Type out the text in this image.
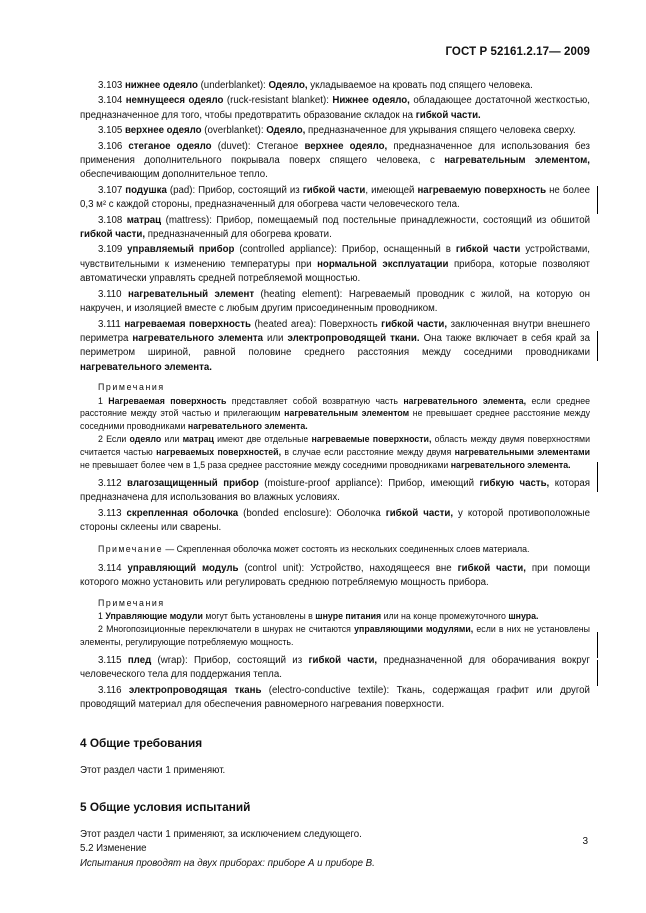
ГОСТ Р 52161.2.17— 2009

3.103 нижнее одеяло (underblanket): Одеяло, укладываемое на кровать под спящего человека.

3.104 немнущееся одеяло (ruck-resistant blanket): Нижнее одеяло, обладающее достаточной жесткостью, предназначенное для того, чтобы предотвратить образование складок на гибкой части.

3.105 верхнее одеяло (overblanket): Одеяло, предназначенное для укрывания спящего человека сверху.

3.106 стеганое одеяло (duvet): Стеганое верхнее одеяло, предназначенное для использования без применения дополнительного покрывала поверх спящего человека, с нагревательным элементом, обеспечивающим дополнительное тепло.

3.107 подушка (pad): Прибор, состоящий из гибкой части, имеющей нагреваемую поверхность не более 0,3 м² с каждой стороны, предназначенный для обогрева части человеческого тела.

3.108 матрац (mattress): Прибор, помещаемый под постельные принадлежности, состоящий из обшитой гибкой части, предназначенный для обогрева кровати.

3.109 управляемый прибор (controlled appliance): Прибор, оснащенный в гибкой части устройствами, чувствительными к изменению температуры при нормальной эксплуатации прибора, которые позволяют автоматически управлять средней потребляемой мощностью.

3.110 нагревательный элемент (heating element): Нагреваемый проводник с жилой, на которую он накручен, и изоляцией вместе с любым другим присоединенным проводником.

3.111 нагреваемая поверхность (heated area): Поверхность гибкой части, заключенная внутри внешнего периметра нагревательного элемента или электропроводящей ткани. Она также включает в себя край за периметром шириной, равной половине среднего расстояния между соседними проводниками нагревательного элемента.

Примечания

1 Нагреваемая поверхность представляет собой возвратную часть нагревательного элемента, если среднее расстояние между этой частью и прилегающим нагревательным элементом не превышает среднее расстояние между соседними проводниками нагревательного элемента.

2 Если одеяло или матрац имеют две отдельные нагреваемые поверхности, область между двумя поверхностями считается частью нагреваемых поверхностей, в случае если расстояние между двумя нагревательными элементами не превышает более чем в 1,5 раза среднее расстояние между соседними проводниками нагревательного элемента.

3.112 влагозащищенный прибор (moisture-proof appliance): Прибор, имеющий гибкую часть, которая предназначена для использования во влажных условиях.

3.113 скрепленная оболочка (bonded enclosure): Оболочка гибкой части, у которой противоположные стороны склеены или сварены.

Примечание — Скрепленная оболочка может состоять из нескольких соединенных слоев материала.

3.114 управляющий модуль (control unit): Устройство, находящееся вне гибкой части, при помощи которого можно установить или регулировать среднюю потребляемую мощность прибора.

Примечания

1 Управляющие модули могут быть установлены в шнуре питания или на конце промежуточного шнура.

2 Многопозиционные переключатели в шнурах не считаются управляющими модулями, если в них не установлены элементы, регулирующие потребляемую мощность.

3.115 плед (wrap): Прибор, состоящий из гибкой части, предназначенной для оборачивания вокруг человеческого тела для поддержания тепла.

3.116 электропроводящая ткань (electro-conductive textile): Ткань, содержащая графит или другой проводящий материал для обеспечения равномерного нагревания поверхности.

4 Общие требования

Этот раздел части 1 применяют.

5 Общие условия испытаний

Этот раздел части 1 применяют, за исключением следующего.

5.2 Изменение

Испытания проводят на двух приборах: приборе А и приборе В.

3
